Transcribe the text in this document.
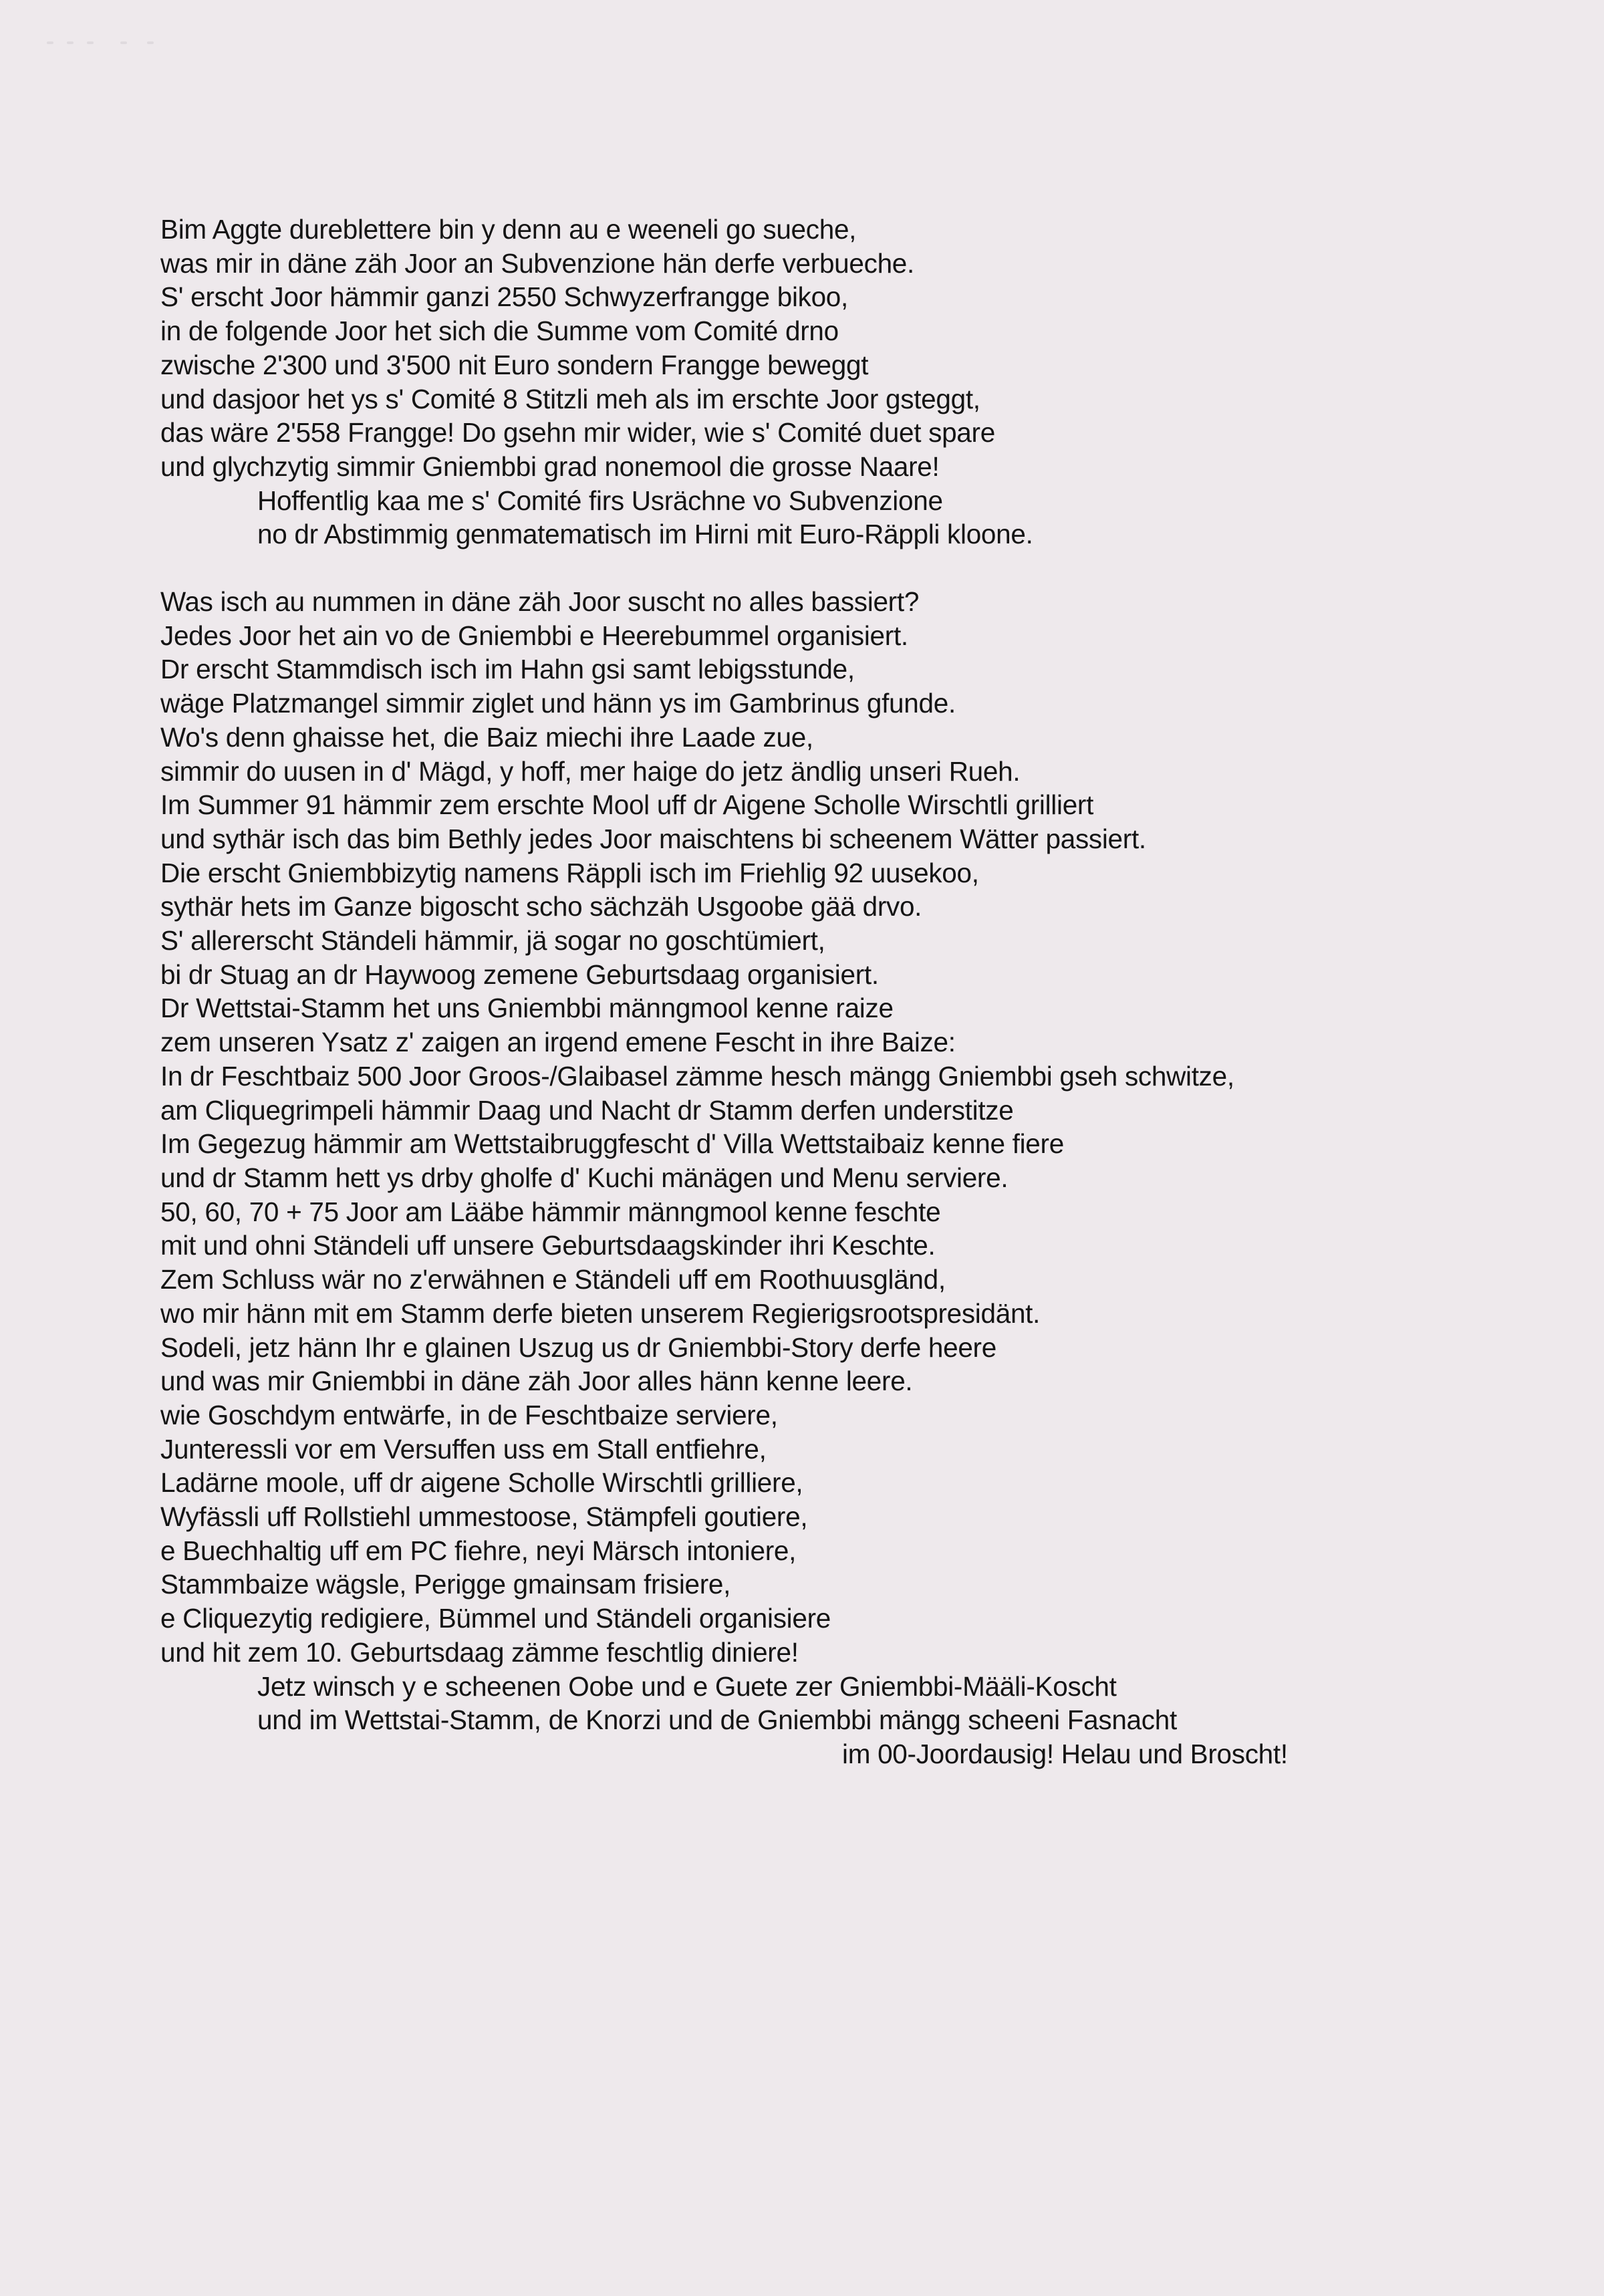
Bim Aggte dureblettere bin y denn au e weeneli go sueche,
was mir in däne zäh Joor an Subvenzione hän derfe verbueche.
S' erscht Joor hämmir ganzi 2550 Schwyzerfrangge bikoo,
in de folgende Joor het sich die Summe vom Comité drno
zwische 2'300 und 3'500 nit Euro sondern Frangge beweggt
und dasjoor het ys s' Comité 8 Stitzli meh als im erschte Joor gsteggt,
das wäre 2'558 Frangge! Do gsehn mir wider, wie s' Comité duet spare
und glychzytig simmir Gniembbi grad nonemool die grosse Naare!
Hoffentlig kaa me s' Comité firs Usrächne vo Subvenzione
no dr Abstimmig genmatematisch im Hirni mit Euro-Räppli kloone.
Was isch au nummen in däne zäh Joor suscht no alles bassiert?
Jedes Joor het ain vo de Gniembbi e Heerebummel organisiert.
Dr erscht Stammdisch isch im Hahn gsi samt lebigsstunde,
wäge Platzmangel simmir ziglet und hänn ys im Gambrinus gfunde.
Wo's denn ghaisse het, die Baiz miechi ihre Laade zue,
simmir do uusen in d' Mägd, y hoff, mer haige do jetz ändlig unseri Rueh.
Im Summer 91 hämmir zem erschte Mool uff dr Aigene Scholle Wirschtli grilliert
und sythär isch das bim Bethly jedes Joor maischtens bi scheenem Wätter passiert.
Die erscht Gniembbizytig namens Räppli isch im Friehlig 92 uusekoo,
sythär hets im Ganze bigoscht scho sächzäh Usgoobe gää drvo.
S' allererscht Ständeli hämmir, jä sogar no goschtümiert,
bi dr Stuag an dr Haywoog zemene Geburtsdaag organisiert.
Dr Wettstai-Stamm het uns Gniembbi männgmool kenne raize
zem unseren Ysatz z' zaigen an irgend emene Fescht in ihre Baize:
In dr Feschtbaiz 500 Joor Groos-/Glaibasel zämme hesch mängg Gniembbi gseh schwitze,
am Cliquegrimpeli hämmir Daag und Nacht dr Stamm derfen understitze
Im Gegezug hämmir am Wettstaibruggfescht d' Villa Wettstaibaiz kenne fiere
und dr Stamm hett ys drby gholfe d' Kuchi mänägen und Menu serviere.
50, 60, 70 + 75 Joor am Lääbe hämmir männgmool kenne feschte
mit und ohni Ständeli uff unsere Geburtsdaagskinder ihri Keschte.
Zem Schluss wär no z'erwähnen e Ständeli uff em Roothuusgländ,
wo mir hänn mit em Stamm derfe bieten unserem Regierigsrootspresidänt.
Sodeli, jetz hänn Ihr e glainen Uszug us dr Gniembbi-Story derfe heere
und was mir Gniembbi in däne zäh Joor alles hänn kenne leere.
wie Goschdym entwärfe, in de Feschtbaize serviere,
Junteressli vor em Versuffen uss em Stall entfiehre,
Ladärne moole, uff dr aigene Scholle Wirschtli grilliere,
Wyfässli uff Rollstiehl ummestoose, Stämpfeli goutiere,
e Buechhaltig uff em PC fiehre, neyi Märsch intoniere,
Stammbaize wägsle, Perigge gmainsam frisiere,
e Cliquezytig redigiere, Bümmel und Ständeli organisiere
und hit zem 10. Geburtsdaag zämme feschtlig diniere!
Jetz winsch y e scheenen Oobe und e Guete zer Gniembbi-Määli-Koscht
und im Wettstai-Stamm, de Knorzi und de Gniembbi mängg scheeni Fasnacht
im 00-Joordausig! Helau und Broscht!
